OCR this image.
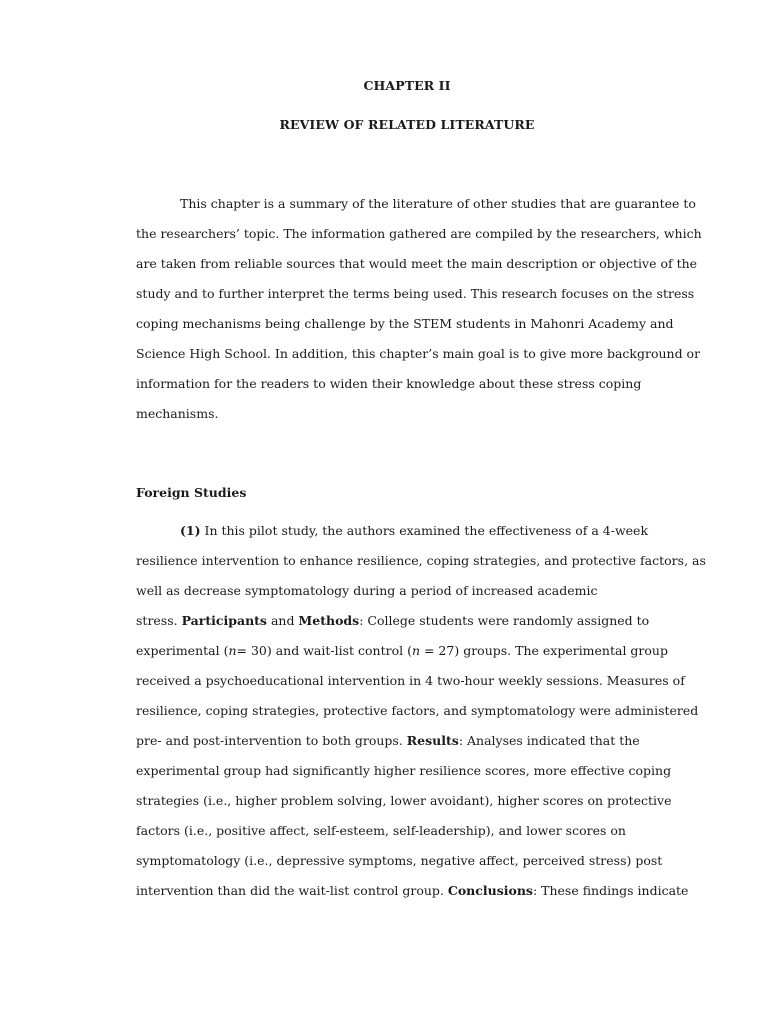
CHAPTER II
REVIEW OF RELATED LITERATURE
This chapter is a summary of the literature of other studies that are guarantee to
the researchers’ topic. The information gathered are compiled by the researchers, which
are taken from reliable sources that would meet the main description or objective of the
study and to further interpret the terms being used. This research focuses on the stress
coping mechanisms being challenge by the STEM students in Mahonri Academy and
Science High School. In addition, this chapter’s main goal is to give more background or
information for the readers to widen their knowledge about these stress coping
mechanisms.
Foreign Studies
(1) In this pilot study, the authors examined the effectiveness of a 4-week
resilience intervention to enhance resilience, coping strategies, and protective factors, as
well as decrease symptomatology during a period of increased academic
stress. Participants and Methods: College students were randomly assigned to
experimental (n= 30) and wait-list control (n = 27) groups. The experimental group
received a psychoeducational intervention in 4 two-hour weekly sessions. Measures of
resilience, coping strategies, protective factors, and symptomatology were administered
pre- and post-intervention to both groups. Results: Analyses indicated that the
experimental group had significantly higher resilience scores, more effective coping
strategies (i.e., higher problem solving, lower avoidant), higher scores on protective
factors (i.e., positive affect, self-esteem, self-leadership), and lower scores on
symptomatology (i.e., depressive symptoms, negative affect, perceived stress) post
intervention than did the wait-list control group. Conclusions: These findings indicate
